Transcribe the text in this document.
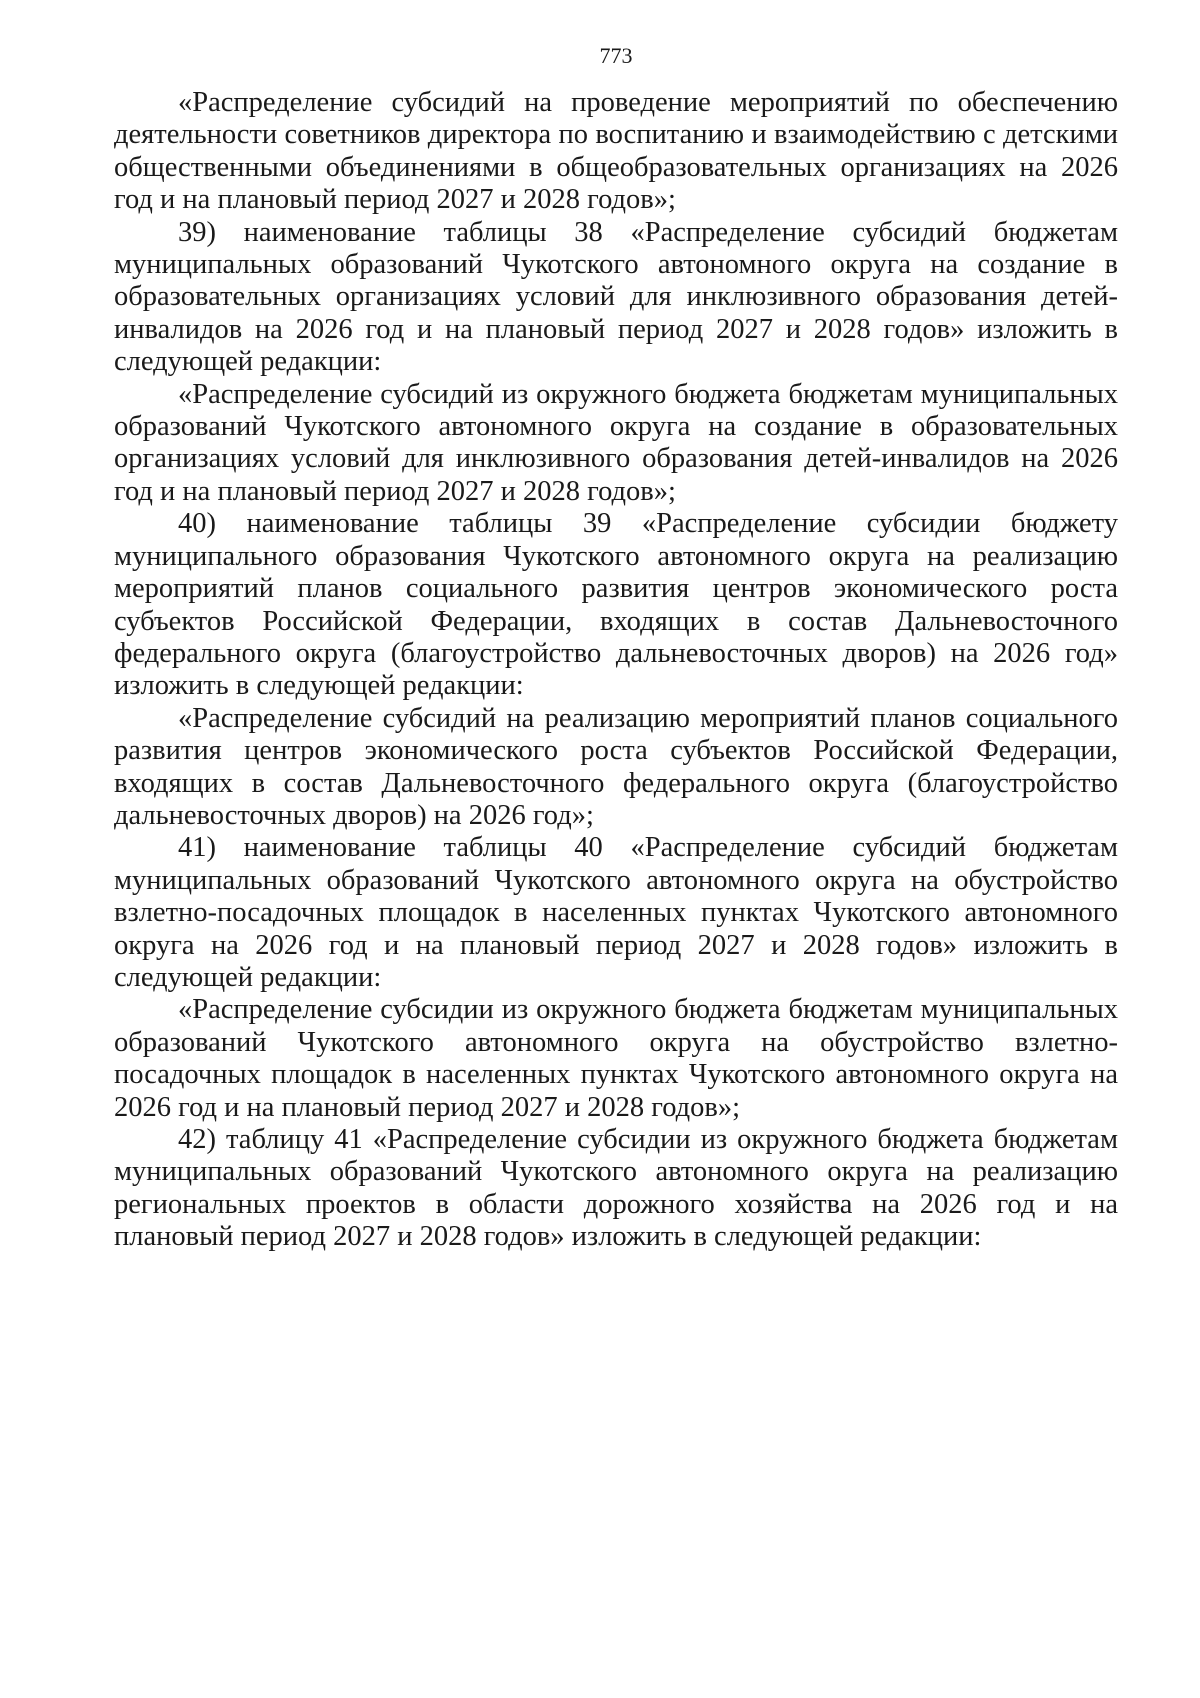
773

«Распределение субсидий на проведение мероприятий по обеспечению деятельности советников директора по воспитанию и взаимодействию с детскими общественными объединениями в общеобразовательных организациях на 2026 год и на плановый период 2027 и 2028 годов»;

39) наименование таблицы 38 «Распределение субсидий бюджетам муниципальных образований Чукотского автономного округа на создание в образовательных организациях условий для инклюзивного образования детей-инвалидов на 2026 год и на плановый период 2027 и 2028 годов» изложить в следующей редакции:

«Распределение субсидий из окружного бюджета бюджетам муниципальных образований Чукотского автономного округа на создание в образовательных организациях условий для инклюзивного образования детей-инвалидов на 2026 год и на плановый период 2027 и 2028 годов»;

40) наименование таблицы 39 «Распределение субсидии бюджету муниципального образования Чукотского автономного округа на реализацию мероприятий планов социального развития центров экономического роста субъектов Российской Федерации, входящих в состав Дальневосточного федерального округа (благоустройство дальневосточных дворов) на 2026 год» изложить в следующей редакции:

«Распределение субсидий на реализацию мероприятий планов социального развития центров экономического роста субъектов Российской Федерации, входящих в состав Дальневосточного федерального округа (благоустройство дальневосточных дворов) на 2026 год»;

41) наименование таблицы 40 «Распределение субсидий бюджетам муниципальных образований Чукотского автономного округа на обустройство взлетно-посадочных площадок в населенных пунктах Чукотского автономного округа на 2026 год и на плановый период 2027 и 2028 годов» изложить в следующей редакции:

«Распределение субсидии из окружного бюджета бюджетам муниципальных образований Чукотского автономного округа на обустройство взлетно-посадочных площадок в населенных пунктах Чукотского автономного округа на 2026 год и на плановый период 2027 и 2028 годов»;

42) таблицу 41 «Распределение субсидии из окружного бюджета бюджетам муниципальных образований Чукотского автономного округа на реализацию региональных проектов в области дорожного хозяйства на 2026 год и на плановый период 2027 и 2028 годов» изложить в следующей редакции:
